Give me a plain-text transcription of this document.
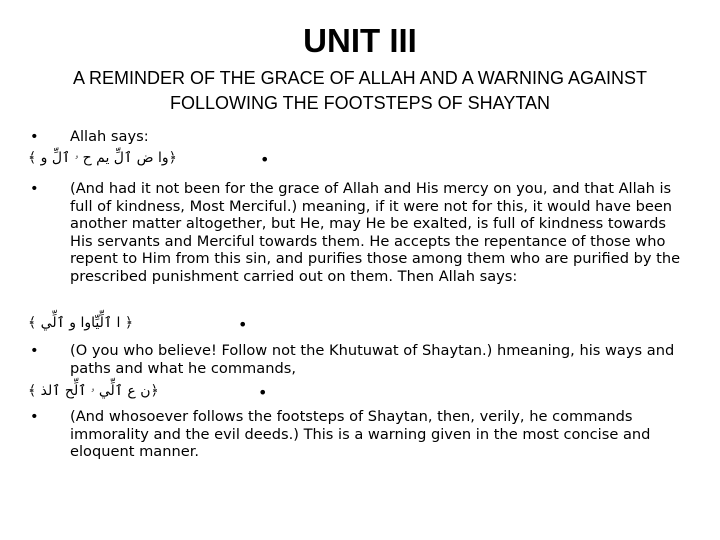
UNIT III
A REMINDER OF THE GRACE OF ALLAH AND A WARNING AGAINST FOLLOWING THE FOOTSTEPS OF SHAYTAN
•	Allah says:
﴿وا ض ٱلِّ يم ح ۥ ٱلِّ و ﴾	•
•	(And had it not been for the grace of Allah and His mercy on you, and that Allah is full of kindness, Most Merciful.) meaning, if it were not for this, it would have been another matter altogether, but He, may He be exalted, is full of kindness towards His servants and Merciful towards them. He accepts the repentance of those who repent to Him from this sin, and purifies those among them who are purified by the prescribed punishment carried out on them. Then Allah says:
﴿ ا ٱلِّيِّاوا و ٱلِّي ﴾	•
•	(O you who believe! Follow not the Khutuwat of Shaytan.) hmeaning, his ways and paths and what he commands,
﴿ن ع ٱلِّي ۥ ٱلِّح ٱلذ ﴾	•
•	(And whosoever follows the footsteps of Shaytan, then, verily, he commands immorality and the evil deeds.) This is a warning given in the most concise and eloquent manner.
